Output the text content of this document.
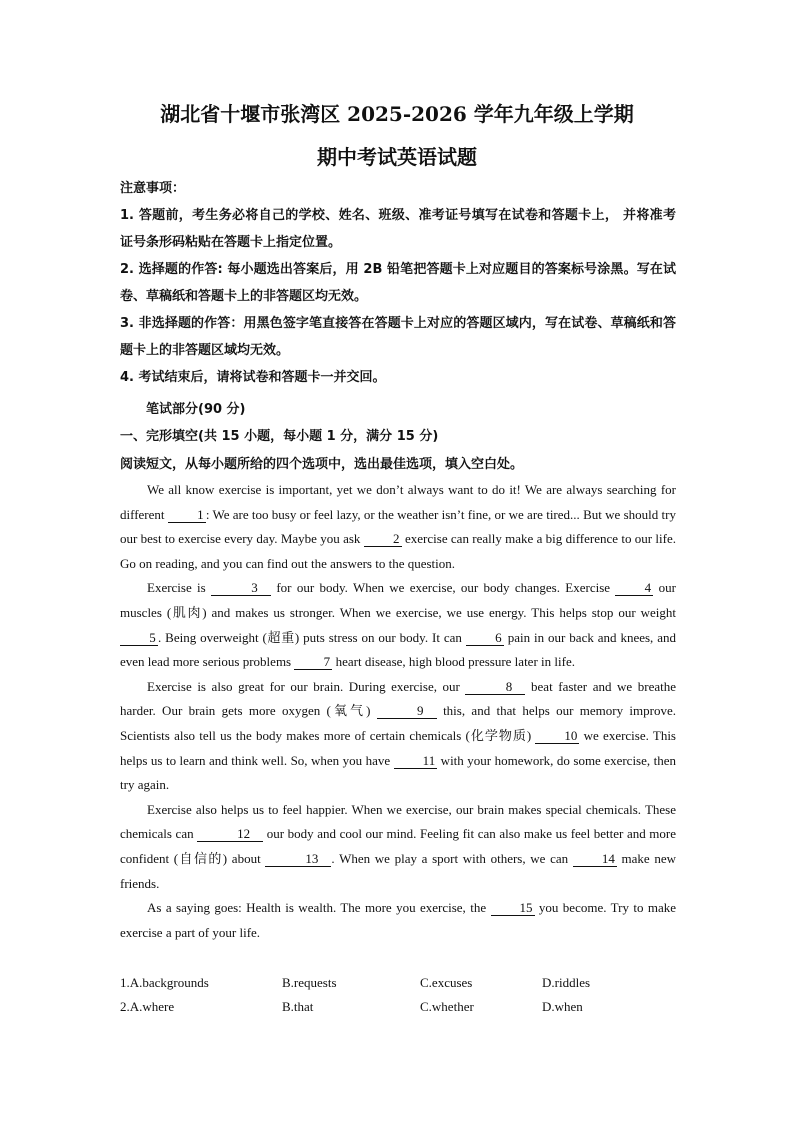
湖北省十堰市张湾区 2025-2026 学年九年级上学期
期中考试英语试题

注意事项：

1. 答题前，考生务必将自己的学校、姓名、班级、准考证号填写在试卷和答题卡上， 并将准考证号条形码粘贴在答题卡上指定位置。

2. 选择题的作答: 每小题选出答案后，用 2B 铅笔把答题卡上对应题目的答案标号涂黑。写在试卷、草稿纸和答题卡上的非答题区均无效。

3. 非选择题的作答：用黑色签字笔直接答在答题卡上对应的答题区域内，写在试卷、草稿纸和答题卡上的非答题区域均无效。

4. 考试结束后，请将试卷和答题卡一并交回。

笔试部分(90 分)
一、完形填空(共 15 小题，每小题 1 分，满分 15 分)
阅读短文，从每小题所给的四个选项中，选出最佳选项，填入空白处。

We all know exercise is important, yet we don’t always want to do it! We are always searching for different 1 : We are too busy or feel lazy, or the weather isn’t fine, or we are tired... But we should try our best to exercise every day. Maybe you ask 2 exercise can really make a big difference to our life. Go on reading, and you can find out the answers to the question.

Exercise is	3 for our body. When we exercise, our body changes. Exercise 4 our muscles (肌肉) and makes us stronger. When we exercise, we use energy. This helps stop our weight 5 . Being overweight (超重) puts stress on our body. It can 6 pain in our back and knees, and even lead more serious problems 7 heart disease, high blood pressure later in life.

Exercise is also great for our brain. During exercise, our	8 beat faster and we breathe harder. Our brain gets more oxygen (氧气)	9 this, and that helps our memory improve. Scientists also tell us the body makes more of certain chemicals (化学物质) 10 we exercise. This helps us to learn and think well. So, when you have 11 with your homework, do some exercise, then try again.

Exercise also helps us to feel happier. When we exercise, our brain makes special chemicals. These chemicals can	12 our body and cool our mind. Feeling fit can also make us feel better and more confident (自信的) about	13 . When we play a sport with others, we can 14 make new friends.

As a saying goes: Health is wealth. The more you exercise, the 15 you become. Try to make exercise a part of your life.

1.A.backgrounds	B.requests	C.excuses	D.riddles
2.A.where	B.that	C.whether	D.when
